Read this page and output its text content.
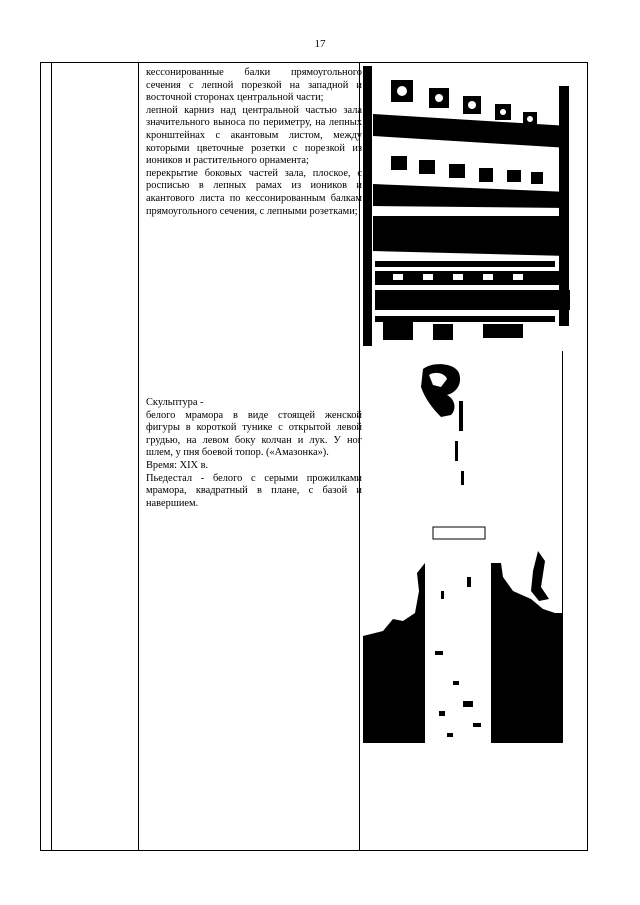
17

кессонированные балки прямоугольного сечения с лепной порезкой на западной и восточной сторонах центральной части;

лепной карниз над центральной частью зала значительного выноса по периметру, на лепных кронштейнах с акантовым листом, между которыми цветочные розетки с порезкой из иоников и растительного орнамента;

перекрытие боковых частей зала, плоское, с росписью в лепных рамах из иоников и акантового листа по кессонированным балкам прямоугольного сечения, с лепными розетками;

Скульптура -

белого мрамора в виде стоящей женской фигуры в короткой тунике с открытой левой грудью, на левом боку колчан и лук. У ног шлем, у пня боевой топор. («Амазонка»).

Время: XIX в.

Пьедестал - белого с серыми прожилками мрамора, квадратный в плане, с базой и навершием.
